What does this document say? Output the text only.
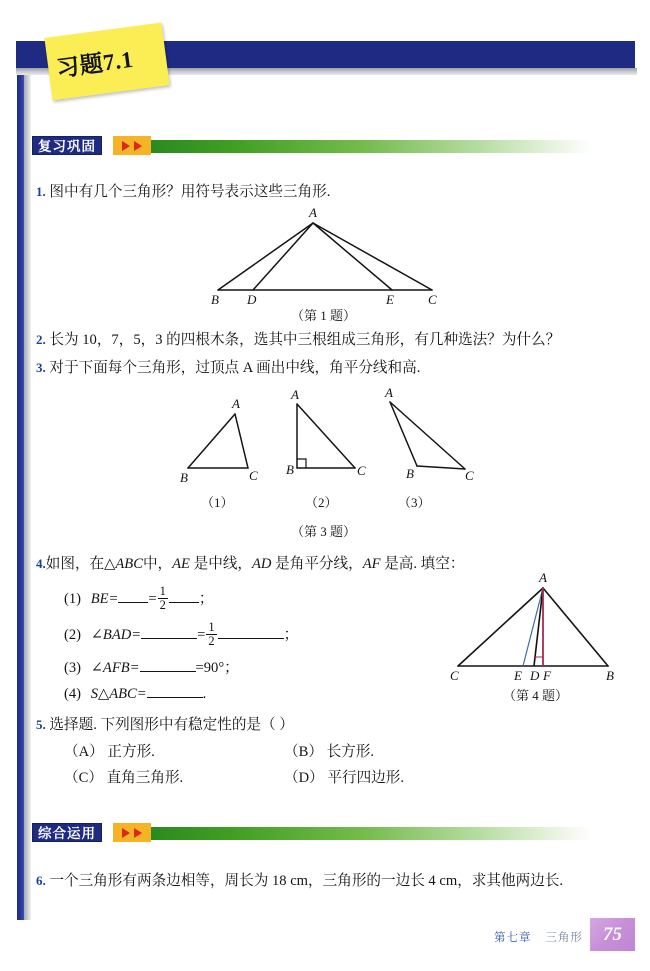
习题7.1
复习巩固
1. 图中有几个三角形？用符号表示这些三角形.
A
B D	E	C
（第 1 题）
2. 长为 10，7，5，3 的四根木条，选其中三根组成三角形，有几种选法？为什么？
3. 对于下面每个三角形，过顶点 A 画出中线，角平分线和高.
A
B	C
（1）
A
B	C
（2）
A
B	C
（3）
（第 3 题）
4.如图，在△ABC中，AE 是中线，AD 是角平分线，AF 是高. 填空：
(1) $BE= = \frac{1}{2}$ ；
(2) ∠BAD=	= $\frac{1}{2}$	；
(3) ∠AFB=	=90°；
(4) S△ABC=	.
A
C	E D F	B
（第 4 题）
5. 选择题. 下列图形中有稳定性的是（ ）
（A） 正方形.	（B） 长方形.
（C） 直角三角形.	（D） 平行四边形.
综合运用
6. 一个三角形有两条边相等，周长为 18 cm，三角形的一边长 4 cm，求其他两边长.
第七章 三角形	75
